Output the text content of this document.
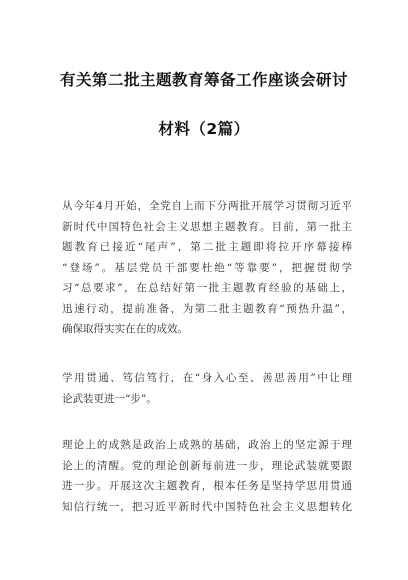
有关第二批主题教育筹备工作座谈会研讨
材料（2篇）
从今年4月开始，全党自上而下分两批开展学习贯彻习近平
新时代中国特色社会主义思想主题教育。目前，第一批主
题教育已接近“尾声”，第二批主题即将拉开序幕接棒
“登场”。基层党员干部要杜绝“等靠要”，把握贯彻学
习“总要求”，在总结好第一批主题教育经验的基础上，
迅速行动，提前准备，为第二批主题教育“预热升温”，
确保取得实实在在的成效。
学用贯通、笃信笃行，在“身入心至、善思善用”中让理
论武装更进一“步”。
理论上的成熟是政治上成熟的基础，政治上的坚定源于理
论上的清醒。党的理论创新每前进一步，理论武装就要跟
进一步。开展这次主题教育，根本任务是坚持学思用贯通
知信行统一，把习近平新时代中国特色社会主义思想转化
